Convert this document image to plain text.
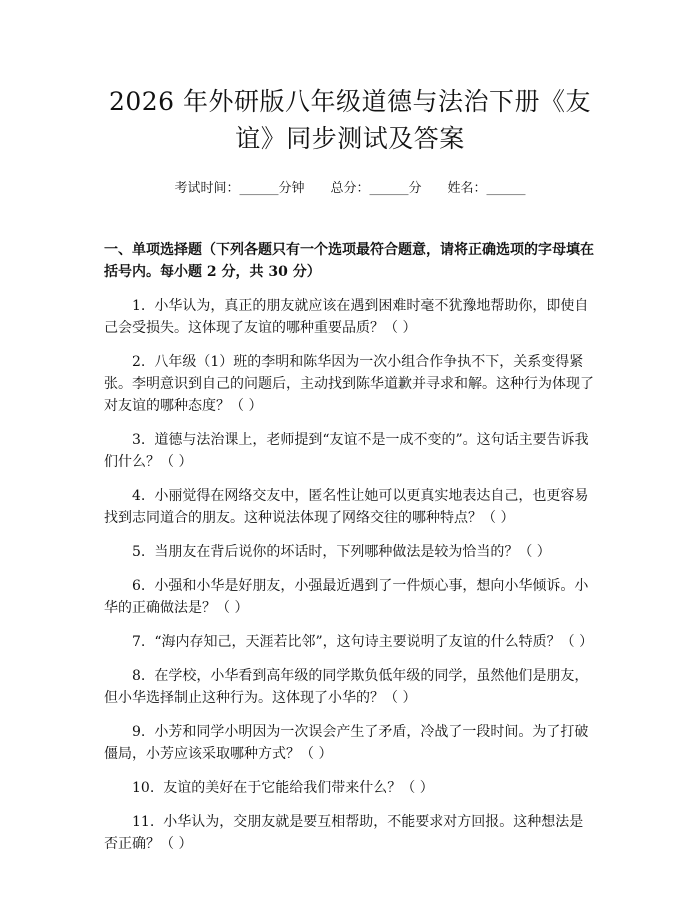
2026 年外研版八年级道德与法治下册《友
谊》同步测试及答案
考试时间：______分钟 总分：______分 姓名：______
一、单项选择题（下列各题只有一个选项最符合题意，请将正确选项的字母填在括号内。每小题 2 分，共 30 分）

1. 小华认为，真正的朋友就应该在遇到困难时毫不犹豫地帮助你，即使自己会受损失。这体现了友谊的哪种重要品质？（ ）

2. 八年级（1）班的李明和陈华因为一次小组合作争执不下，关系变得紧张。李明意识到自己的问题后，主动找到陈华道歉并寻求和解。这种行为体现了对友谊的哪种态度？（ ）

3. 道德与法治课上，老师提到“友谊不是一成不变的”。这句话主要告诉我们什么？（ ）

4. 小丽觉得在网络交友中，匿名性让她可以更真实地表达自己，也更容易找到志同道合的朋友。这种说法体现了网络交往的哪种特点？（ ）

5. 当朋友在背后说你的坏话时，下列哪种做法是较为恰当的？（ ）

6. 小强和小华是好朋友，小强最近遇到了一件烦心事，想向小华倾诉。小华的正确做法是？（ ）

7. “海内存知己，天涯若比邻”，这句诗主要说明了友谊的什么特质？（ ）

8. 在学校，小华看到高年级的同学欺负低年级的同学，虽然他们是朋友，但小华选择制止这种行为。这体现了小华的？（ ）

9. 小芳和同学小明因为一次误会产生了矛盾，冷战了一段时间。为了打破僵局，小芳应该采取哪种方式？（ ）

10. 友谊的美好在于它能给我们带来什么？（ ）

11. 小华认为，交朋友就是要互相帮助，不能要求对方回报。这种想法是否正确？（ ）
